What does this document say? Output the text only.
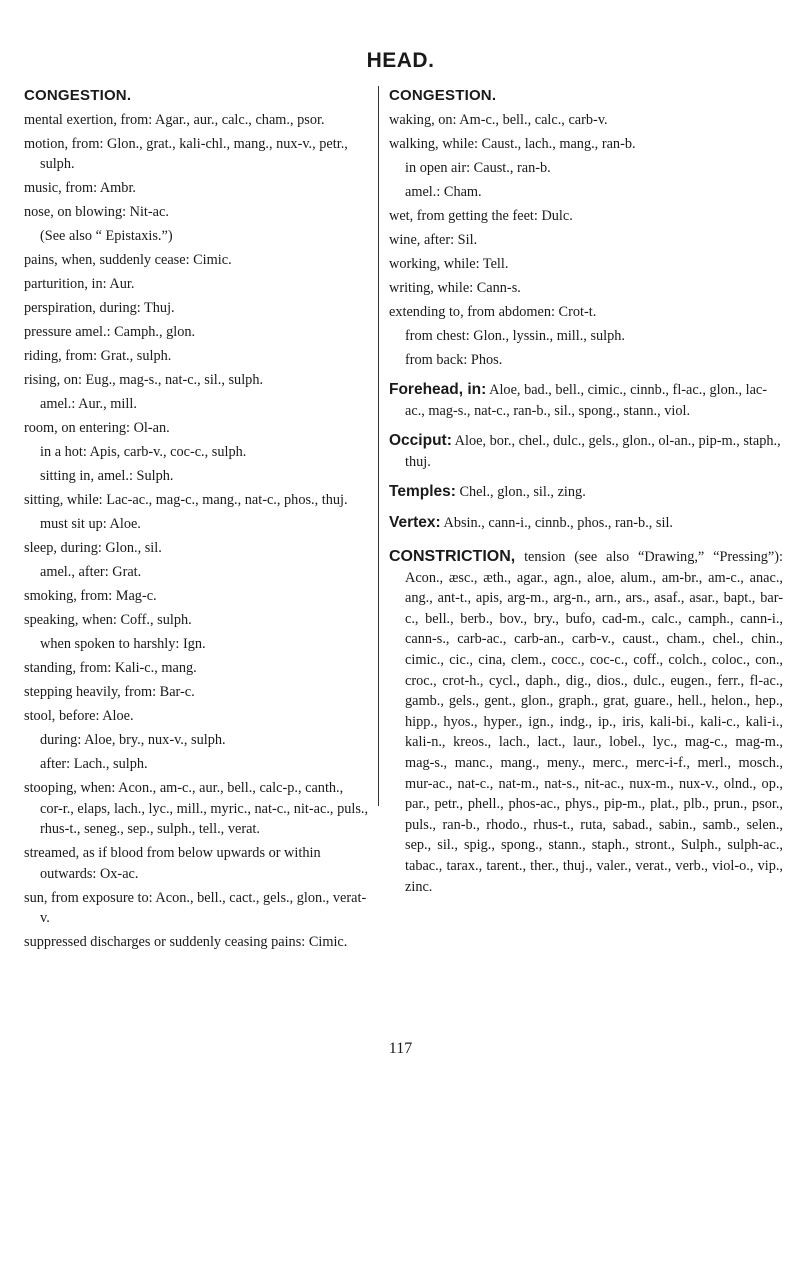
HEAD.
CONGESTION.
mental exertion, from: Agar., aur., calc., cham., psor.
motion, from: Glon., grat., kali-chl., mang., nux-v., petr., sulph.
music, from: Ambr.
nose, on blowing: Nit-ac.
(See also “ Epistaxis.”)
pains, when, suddenly cease: Cimic.
parturition, in: Aur.
perspiration, during: Thuj.
pressure amel.: Camph., glon.
riding, from: Grat., sulph.
rising, on: Eug., mag-s., nat-c., sil., sulph.
amel.: Aur., mill.
room, on entering: Ol-an.
in a hot: Apis, carb-v., coc-c., sulph.
sitting in, amel.: Sulph.
sitting, while: Lac-ac., mag-c., mang., nat-c., phos., thuj.
must sit up: Aloe.
sleep, during: Glon., sil.
amel., after: Grat.
smoking, from: Mag-c.
speaking, when: Coff., sulph.
when spoken to harshly: Ign.
standing, from: Kali-c., mang.
stepping heavily, from: Bar-c.
stool, before: Aloe.
during: Aloe, bry., nux-v., sulph.
after: Lach., sulph.
stooping, when: Acon., am-c., aur., bell., calc-p., canth., cor-r., elaps, lach., lyc., mill., myric., nat-c., nit-ac., puls., rhus-t., seneg., sep., sulph., tell., verat.
streamed, as if blood from below upwards or within outwards: Ox-ac.
sun, from exposure to: Acon., bell., cact., gels., glon., verat-v.
suppressed discharges or suddenly ceasing pains: Cimic.
CONGESTION.
waking, on: Am-c., bell., calc., carb-v.
walking, while: Caust., lach., mang., ran-b.
in open air: Caust., ran-b.
amel.: Cham.
wet, from getting the feet: Dulc.
wine, after: Sil.
working, while: Tell.
writing, while: Cann-s.
extending to, from abdomen: Crot-t.
from chest: Glon., lyssin., mill., sulph.
from back: Phos.
Forehead, in: Aloe, bad., bell., cimic., cinnb., fl-ac., glon., lac-ac., mag-s., nat-c., ran-b., sil., spong., stann., viol.
Occiput: Aloe, bor., chel., dulc., gels., glon., ol-an., pip-m., staph., thuj.
Temples: Chel., glon., sil., zing.
Vertex: Absin., cann-i., cinnb., phos., ran-b., sil.
CONSTRICTION, tension (see also “Drawing,” “Pressing”): Acon., æsc., æth., agar., agn., aloe, alum., am-br., am-c., anac., ang., ant-t., apis, arg-m., arg-n., arn., ars., asaf., asar., bapt., bar-c., bell., berb., bov., bry., bufo, cad-m., calc., camph., cann-i., cann-s., carb-ac., carb-an., carb-v., caust., cham., chel., chin., cimic., cic., cina, clem., cocc., coc-c., coff., colch., coloc., con., croc., crot-h., cycl., daph., dig., dios., dulc., eugen., ferr., fl-ac., gamb., gels., gent., glon., graph., grat, guare., hell., helon., hep., hipp., hyos., hyper., ign., indg., ip., iris, kali-bi., kali-c., kali-i., kali-n., kreos., lach., lact., laur., lobel., lyc., mag-c., mag-m., mag-s., manc., mang., meny., merc., merc-i-f., merl., mosch., mur-ac., nat-c., nat-m., nat-s., nit-ac., nux-m., nux-v., olnd., op., par., petr., phell., phos-ac., phys., pip-m., plat., plb., prun., psor., puls., ran-b., rhodo., rhus-t., ruta, sabad., sabin., samb., selen., sep., sil., spig., spong., stann., staph., stront., Sulph., sulph-ac., tabac., tarax., tarent., ther., thuj., valer., verat., verb., viol-o., vip., zinc.
117
